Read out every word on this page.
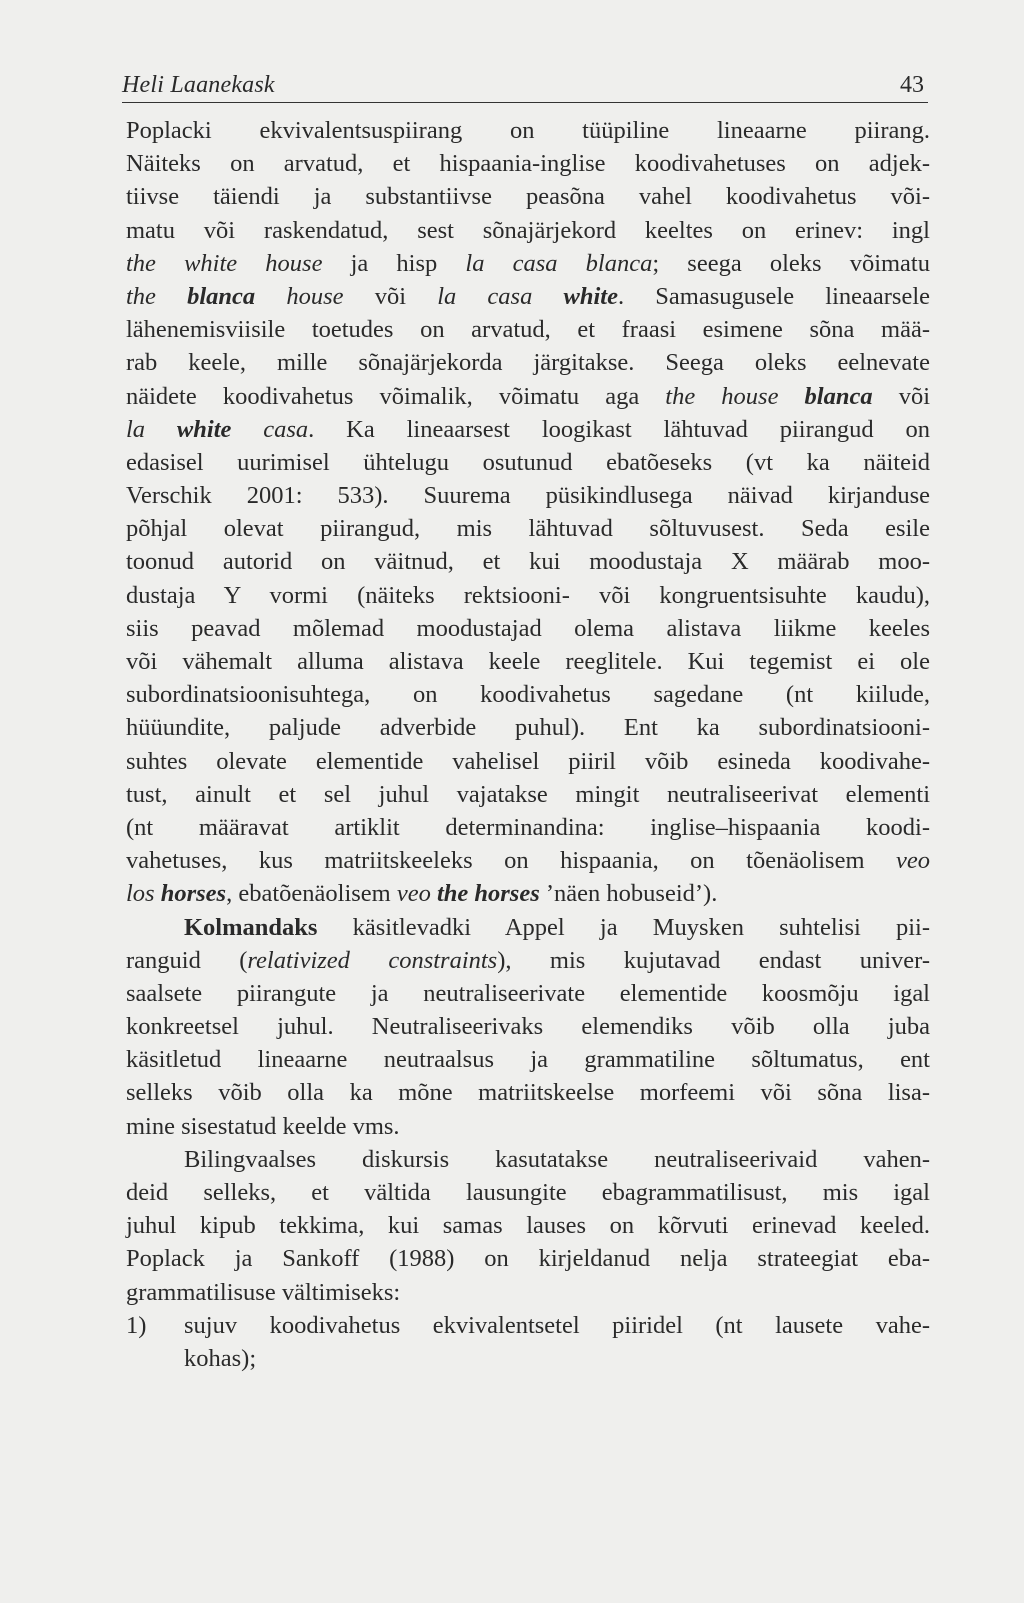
Heli Laanekask	43
Poplacki ekvivalentsuspiirang on tüüpiline lineaarne piirang.
Näiteks on arvatud, et hispaania-inglise koodivahetuses on adjek-
tiivse täiendi ja substantiivse peasõna vahel koodivahetus või-
matu või raskendatud, sest sõnajärjekord keeltes on erinev: ingl
the white house ja hisp la casa blanca; seega oleks võimatu
the blanca house või la casa white. Samasugusele lineaarsele
lähenemisviisile toetudes on arvatud, et fraasi esimene sõna mää-
rab keele, mille sõnajärjekorda järgitakse. Seega oleks eelnevate
näidete koodivahetus võimalik, võimatu aga the house blanca või
la white casa. Ka lineaarsest loogikast lähtuvad piirangud on
edasisel uurimisel ühtelugu osutunud ebatõeseks (vt ka näiteid
Verschik 2001: 533). Suurema püsikindlusega näivad kirjanduse
põhjal olevat piirangud, mis lähtuvad sõltuvusest. Seda esile
toonud autorid on väitnud, et kui moodustaja X määrab moo-
dustaja Y vormi (näiteks rektsiooni- või kongruentsisuhte kaudu),
siis peavad mõlemad moodustajad olema alistava liikme keeles
või vähemalt alluma alistava keele reeglitele. Kui tegemist ei ole
subordinatsioonisuhtega, on koodivahetus sagedane (nt kiilude,
hüüundite, paljude adverbide puhul). Ent ka subordinatsiooni-
suhtes olevate elementide vahelisel piiril võib esineda koodivahe-
tust, ainult et sel juhul vajatakse mingit neutraliseerivat elementi
(nt määravat artiklit determinandina: inglise–hispaania koodi-
vahetuses, kus matriitskeeleks on hispaania, on tõenäolisem veo
los horses, ebatõenäolisem veo the horses ’näen hobuseid’).
Kolmandaks käsitlevadki Appel ja Muysken suhtelisi pii-
ranguid (relativized constraints), mis kujutavad endast univer-
saalsete piirangute ja neutraliseerivate elementide koosmõju igal
konkreetsel juhul. Neutraliseerivaks elemendiks võib olla juba
käsitletud lineaarne neutraalsus ja grammatiline sõltumatus, ent
selleks võib olla ka mõne matriitskeelse morfeemi või sõna lisa-
mine sisestatud keelde vms.
Bilingvaalses diskursis kasutatakse neutraliseerivaid vahen-
deid selleks, et vältida lausungite ebagrammatilisust, mis igal
juhul kipub tekkima, kui samas lauses on kõrvuti erinevad keeled.
Poplack ja Sankoff (1988) on kirjeldanud nelja strateegiat eba-
grammatilisuse vältimiseks:
1) sujuv koodivahetus ekvivalentsetel piiridel (nt lausete vahe-
kohas);
